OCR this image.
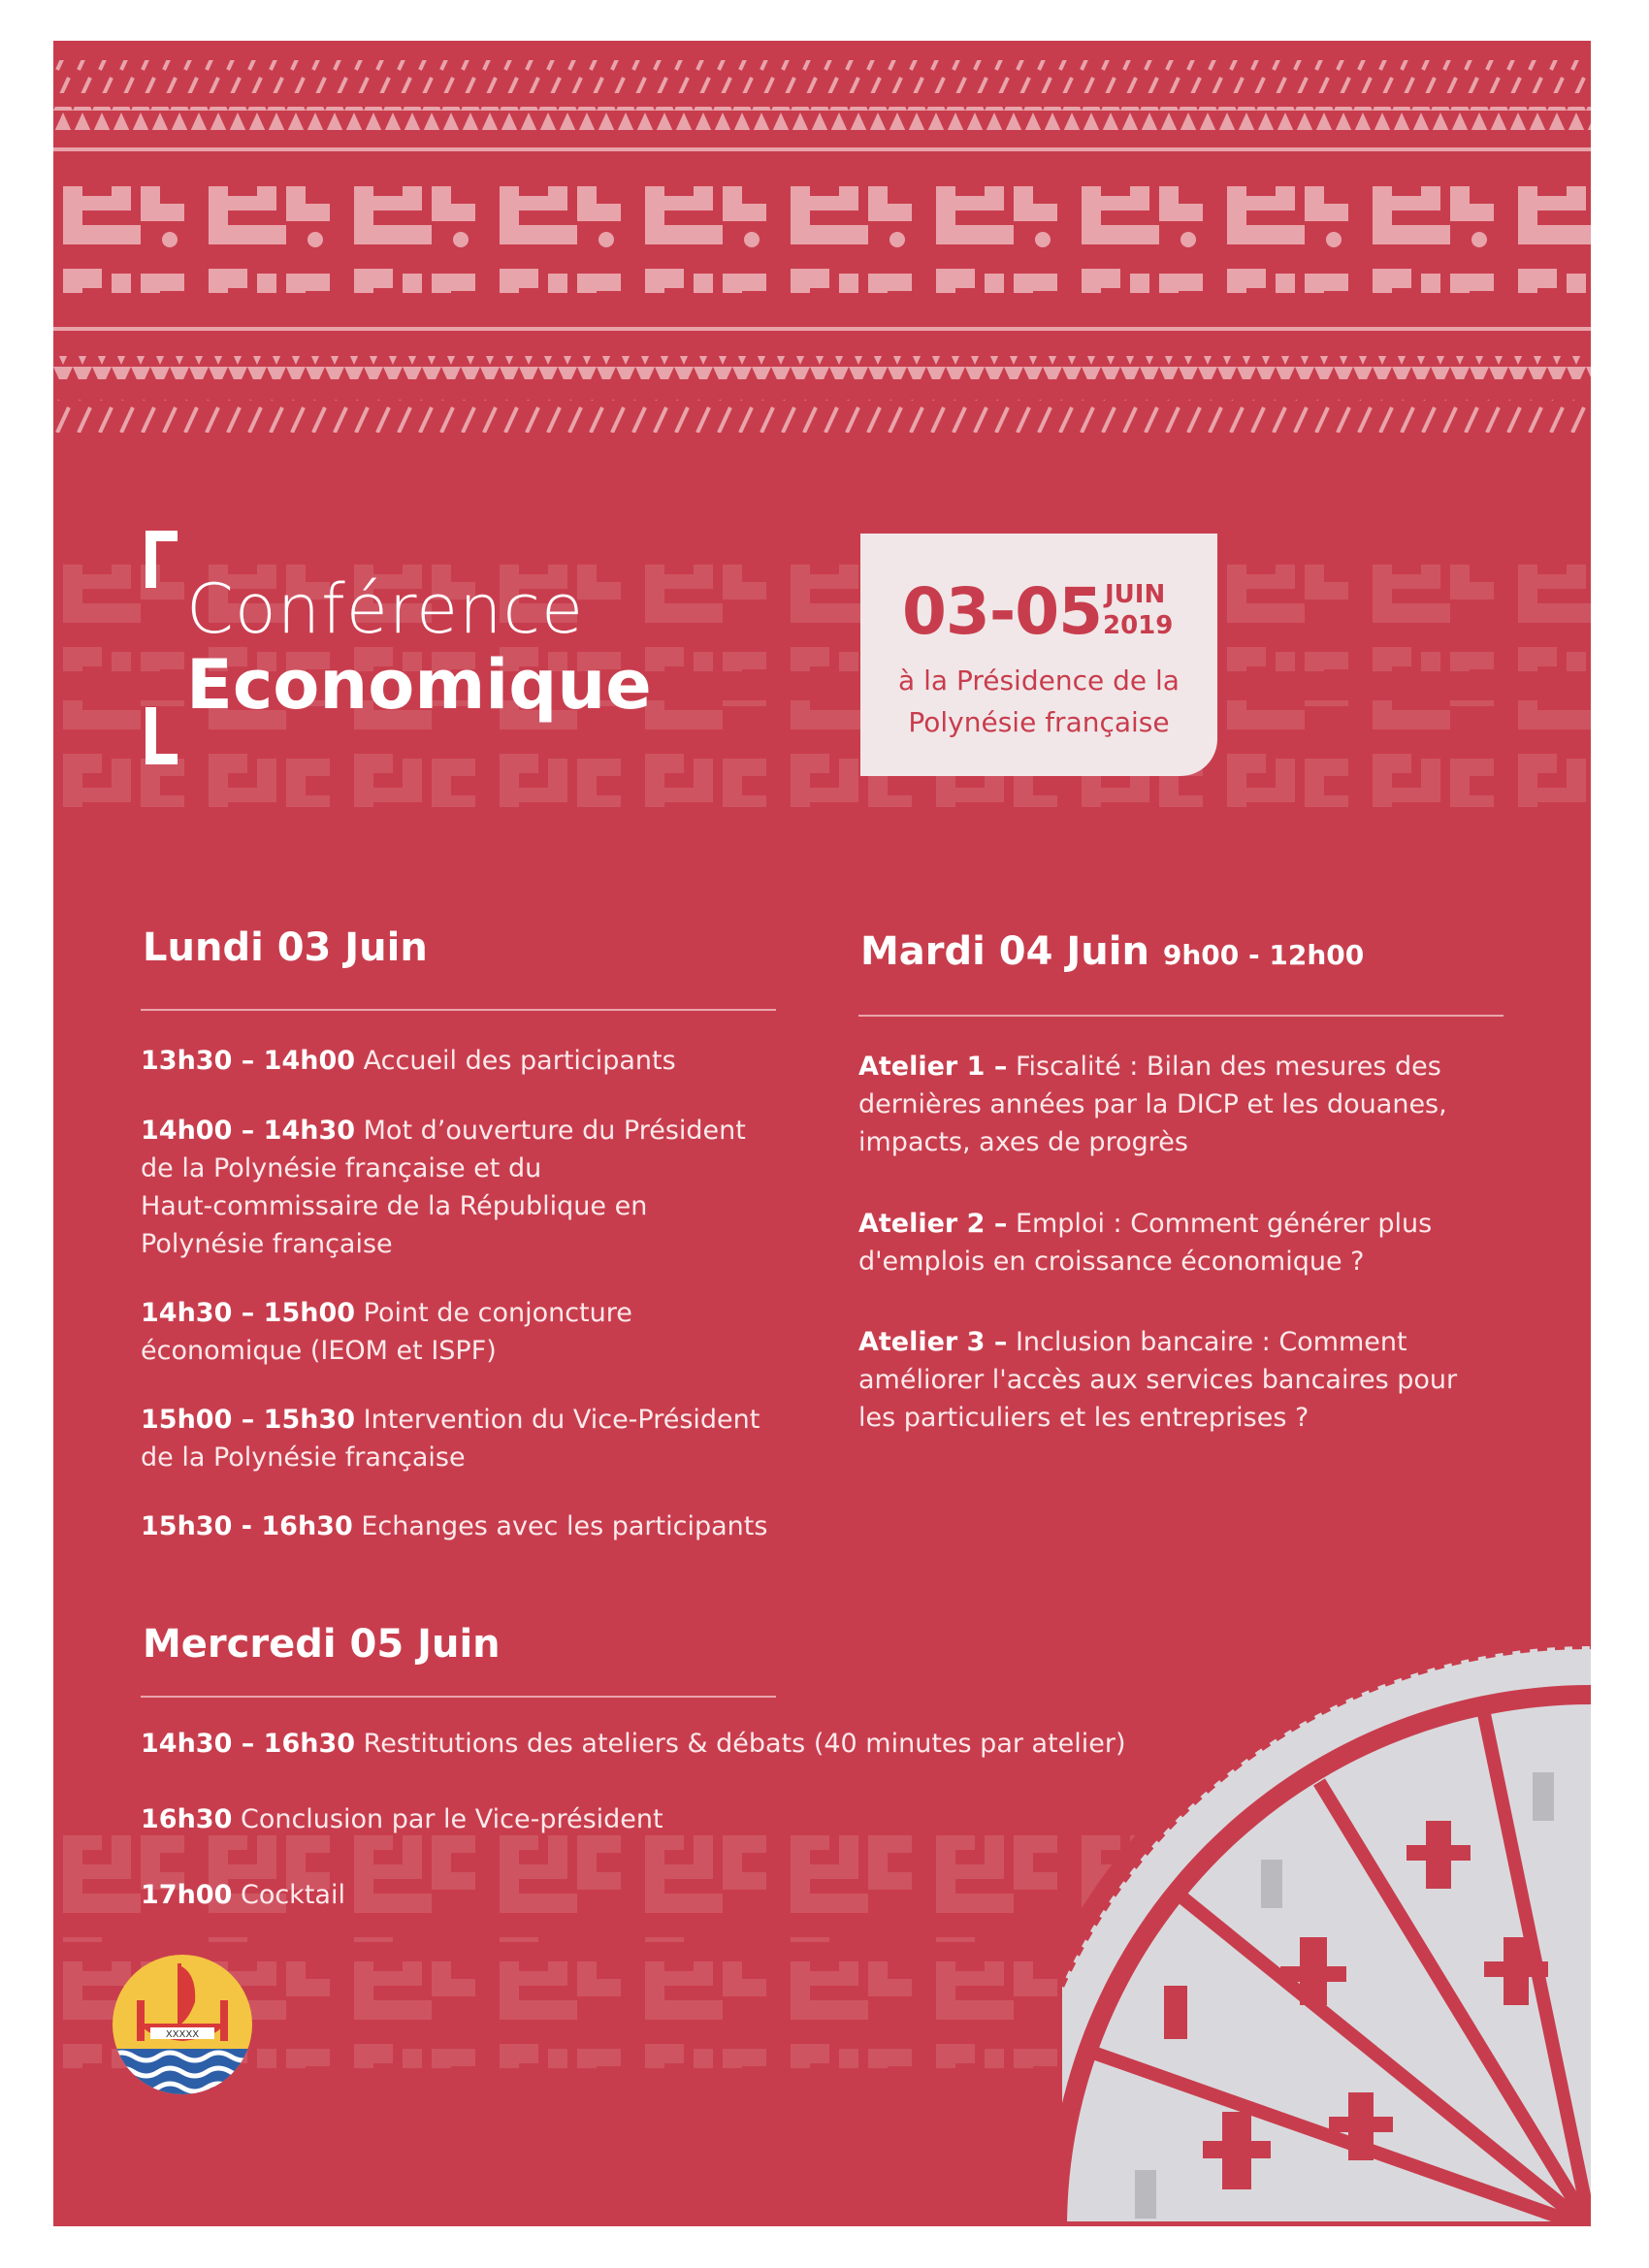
Conférence
Economique
03-05 JUIN
2019
à la Présidence de la
Polynésie française
Lundi 03 Juin
13h30 – 14h00 Accueil des participants
14h00 – 14h30 Mot d’ouverture du Président
de la Polynésie française et du
Haut-commissaire de la République en
Polynésie française
14h30 – 15h00 Point de conjoncture
économique (IEOM et ISPF)
15h00 – 15h30 Intervention du Vice-Président
de la Polynésie française
15h30 - 16h30 Echanges avec les participants
Mardi 04 Juin 9h00 - 12h00
Atelier 1 – Fiscalité : Bilan des mesures des
dernières années par la DICP et les douanes,
impacts, axes de progrès
Atelier 2 – Emploi : Comment générer plus
d'emplois en croissance économique ?
Atelier 3 – Inclusion bancaire : Comment
améliorer l'accès aux services bancaires pour
les particuliers et les entreprises ?
Mercredi 05 Juin
14h30 – 16h30 Restitutions des ateliers & débats (40 minutes par atelier)
16h30 Conclusion par le Vice-président
17h00 Cocktail
XXXXX
